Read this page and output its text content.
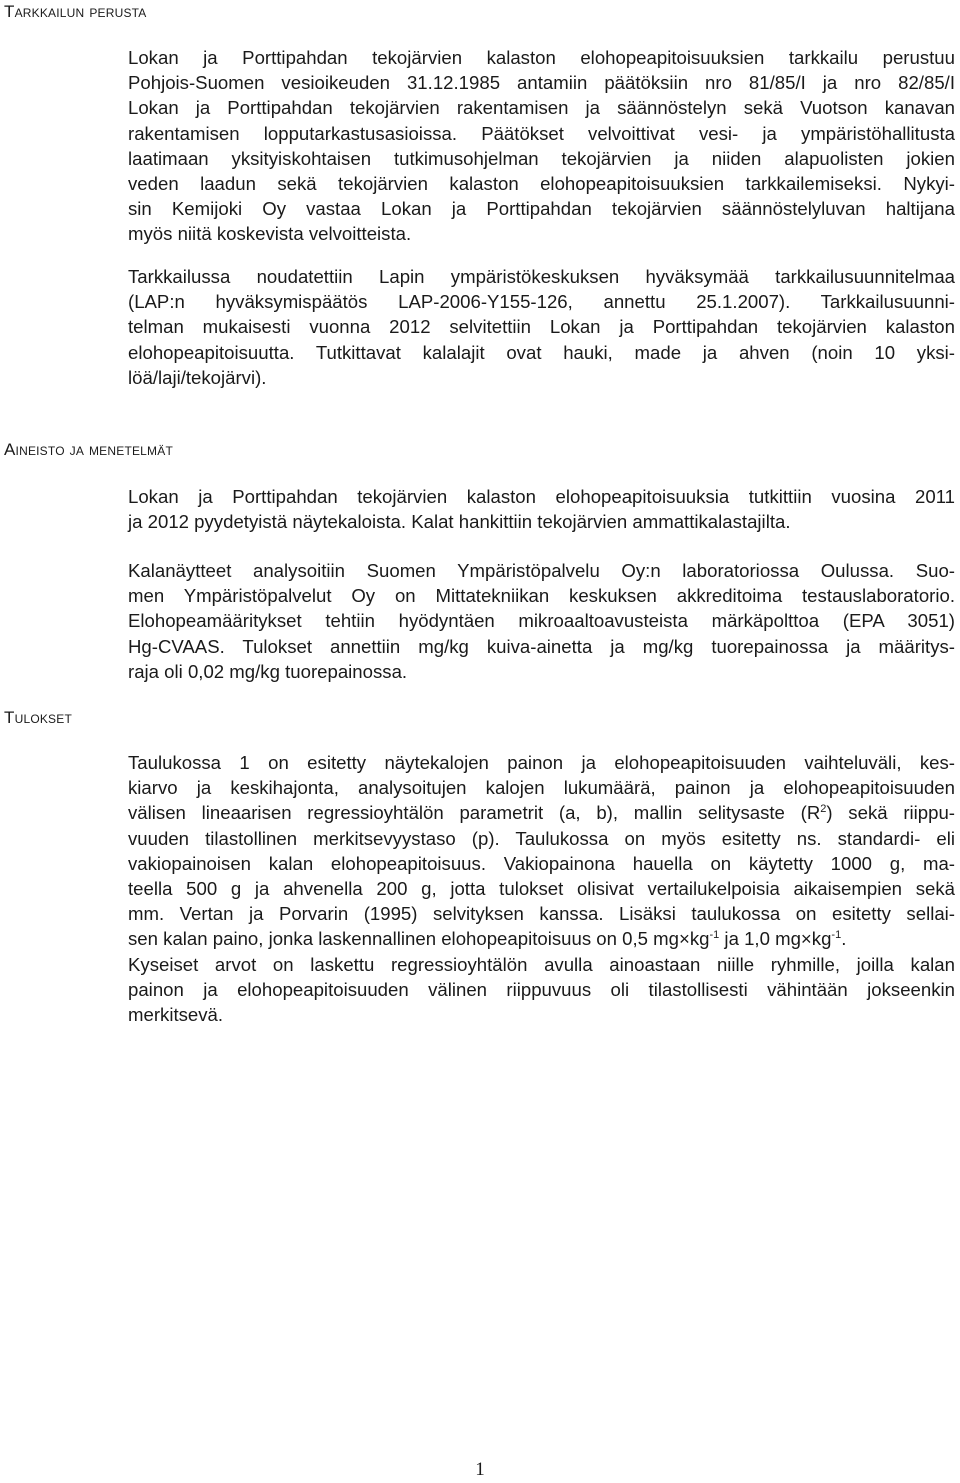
Tarkkailun perusta
Lokan ja Porttipahdan tekojärvien kalaston elohopeapitoisuuksien tarkkailu perustuu
Pohjois-Suomen vesioikeuden 31.12.1985 antamiin päätöksiin nro 81/85/I ja nro 82/85/I
Lokan ja Porttipahdan tekojärvien rakentamisen ja säännöstelyn sekä Vuotson kanavan
rakentamisen lopputarkastusasioissa. Päätökset velvoittivat vesi- ja ympäristöhallitusta
laatimaan yksityiskohtaisen tutkimusohjelman tekojärvien ja niiden alapuolisten jokien
veden laadun sekä tekojärvien kalaston elohopeapitoisuuksien tarkkailemiseksi. Nykyi-
sin Kemijoki Oy vastaa Lokan ja Porttipahdan tekojärvien säännöstelyluvan haltijana
myös niitä koskevista velvoitteista.
Tarkkailussa noudatettiin Lapin ympäristökeskuksen hyväksymää tarkkailusuunnitelmaa
(LAP:n hyväksymispäätös LAP-2006-Y155-126, annettu 25.1.2007). Tarkkailusuunni-
telman mukaisesti vuonna 2012 selvitettiin Lokan ja Porttipahdan tekojärvien kalaston
elohopeapitoisuutta. Tutkittavat kalalajit ovat hauki, made ja ahven (noin 10 yksi-
löä/laji/tekojärvi).
Aineisto ja menetelmät
Lokan ja Porttipahdan tekojärvien kalaston elohopeapitoisuuksia tutkittiin vuosina 2011
ja 2012 pyydetyistä näytekaloista. Kalat hankittiin tekojärvien ammattikalastajilta.
Kalanäytteet analysoitiin Suomen Ympäristöpalvelu Oy:n laboratoriossa Oulussa. Suo-
men Ympäristöpalvelut Oy on Mittatekniikan keskuksen akkreditoima testauslaboratorio.
Elohopeamääritykset tehtiin hyödyntäen mikroaaltoavusteista märkäpolttoa (EPA 3051)
Hg-CVAAS. Tulokset annettiin mg/kg kuiva-ainetta ja mg/kg tuorepainossa ja määritys-
raja oli 0,02 mg/kg tuorepainossa.
Tulokset
Taulukossa 1 on esitetty näytekalojen painon ja elohopeapitoisuuden vaihteluväli, kes-
kiarvo ja keskihajonta, analysoitujen kalojen lukumäärä, painon ja elohopeapitoisuuden
välisen lineaarisen regressioyhtälön parametrit (a, b), mallin selitysaste $(R^2)$ sekä riippu-
vuuden tilastollinen merkitsevyystaso (p). Taulukossa on myös esitetty ns. standardi- eli
vakiopainoisen kalan elohopeapitoisuus. Vakiopainona hauella on käytetty 1000 g, ma-
teella 500 g ja ahvenella 200 g, jotta tulokset olisivat vertailukelpoisia aikaisempien sekä
mm. Vertan ja Porvarin (1995) selvityksen kanssa. Lisäksi taulukossa on esitetty sellai-
sen kalan paino, jonka laskennallinen elohopeapitoisuus on 0,5 $mg\times kg^{-1}$ ja 1,0 $mg\times kg^{-1}$.
Kyseiset arvot on laskettu regressioyhtälön avulla ainoastaan niille ryhmille, joilla kalan
painon ja elohopeapitoisuuden välinen riippuvuus oli tilastollisesti vähintään jokseenkin
merkitsevä.
1
